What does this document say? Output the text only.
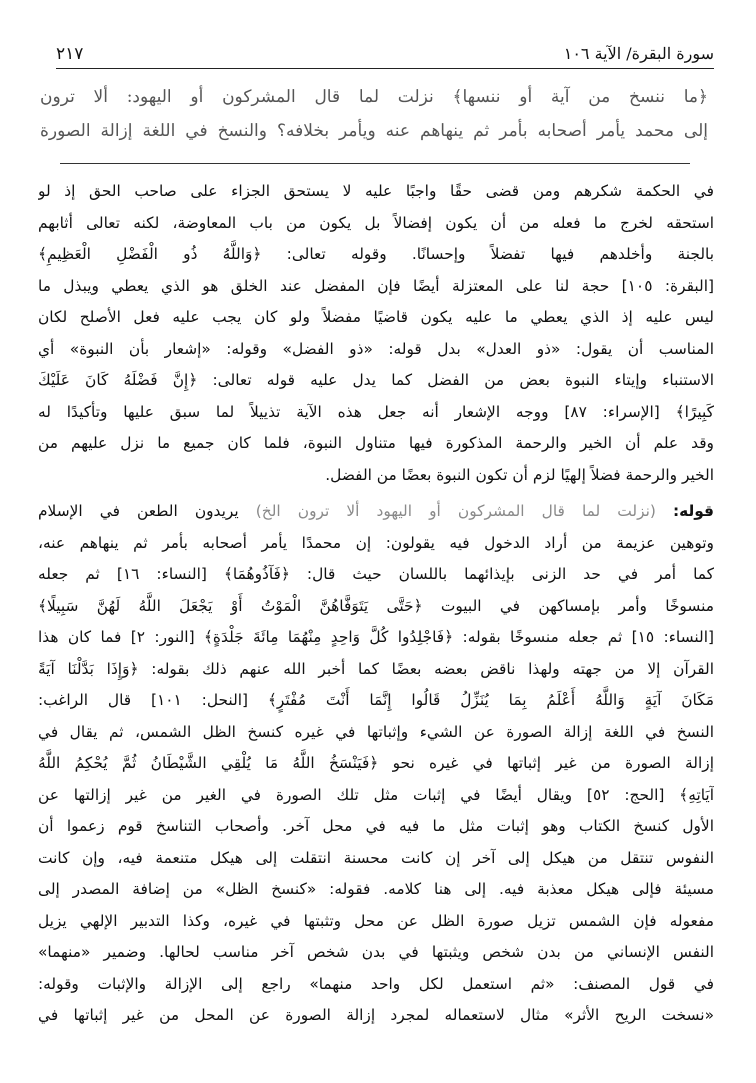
٢١٧	سورة البقرة/ الآية ١٠٦

﴿ما ننسخ من آية أو ننسها﴾ نزلت لما قال المشركون أو اليهود: ألا ترون

إلى محمد يأمر أصحابه بأمر ثم ينهاهم عنه ويأمر بخلافه؟ والنسخ في اللغة إزالة الصورة

في الحكمة شكرهم ومن قضى حقًا واجبًا عليه لا يستحق الجزاء على صاحب الحق إذ لو
استحقه لخرج ما فعله من أن يكون إفضالاً بل يكون من باب المعاوضة، لكنه تعالى أثابهم
بالجنة وأخلدهم فيها تفضلاً وإحسانًا. وقوله تعالى: ﴿وَاللَّهُ ذُو الْفَضْلِ الْعَظِيمِ﴾
[البقرة: ١٠٥] حجة لنا على المعتزلة أيضًا فإن المفضل عند الخلق هو الذي يعطي ويبذل ما
ليس عليه إذ الذي يعطي ما عليه يكون قاضيًا مفضلاً ولو كان يجب عليه فعل الأصلح لكان
المناسب أن يقول: «ذو العدل» بدل قوله: «ذو الفضل» وقوله: «إشعار بأن النبوة» أي
الاستنباء وإيتاء النبوة بعض من الفضل كما يدل عليه قوله تعالى: ﴿إِنَّ فَضْلَهُ كَانَ عَلَيْكَ
كَبِيرًا﴾ [الإسراء: ٨٧] ووجه الإشعار أنه جعل هذه الآية تذييلاً لما سبق عليها وتأكيدًا له
وقد علم أن الخير والرحمة المذكورة فيها متناول النبوة، فلما كان جميع ما نزل عليهم من
الخير والرحمة فضلاً إلهيًا لزم أن تكون النبوة بعضًا من الفضل.
قوله: (نزلت لما قال المشركون أو اليهود ألا ترون الخ) يريدون الطعن في الإسلام
وتوهين عزيمة من أراد الدخول فيه يقولون: إن محمدًا يأمر أصحابه بأمر ثم ينهاهم عنه،
كما أمر في حد الزنى بإيذائهما باللسان حيث قال: ﴿فَآذُوهُمَا﴾ [النساء: ١٦] ثم جعله
منسوخًا وأمر بإمساكهن في البيوت ﴿حَتَّى يَتَوَفَّاهُنَّ الْمَوْتُ أَوْ يَجْعَلَ اللَّهُ لَهُنَّ سَبِيلًا﴾
[النساء: ١٥] ثم جعله منسوخًا بقوله: ﴿فَاجْلِدُوا كُلَّ وَاحِدٍ مِنْهُمَا مِائَةَ جَلْدَةٍ﴾ [النور: ٢] فما كان هذا
القرآن إلا من جهته ولهذا ناقض بعضه بعضًا كما أخبر الله عنهم ذلك بقوله: ﴿وَإِذَا بَدَّلْنَا آيَةً
مَكَانَ آيَةٍ وَاللَّهُ أَعْلَمُ بِمَا يُنَزِّلُ قَالُوا إِنَّمَا أَنْتَ مُفْتَرٍ﴾ [النحل: ١٠١] قال الراغب:
النسخ في اللغة إزالة الصورة عن الشيء وإثباتها في غيره كنسخ الظل الشمس، ثم يقال في
إزالة الصورة من غير إثباتها في غيره نحو ﴿فَيَنْسَخُ اللَّهُ مَا يُلْقِي الشَّيْطَانُ ثُمَّ يُحْكِمُ اللَّهُ
آيَاتِهِ﴾ [الحج: ٥٢] ويقال أيضًا في إثبات مثل تلك الصورة في الغير من غير إزالتها عن
الأول كنسخ الكتاب وهو إثبات مثل ما فيه في محل آخر. وأصحاب التناسخ قوم زعموا أن
النفوس تنتقل من هيكل إلى آخر إن كانت محسنة انتقلت إلى هيكل متنعمة فيه، وإن كانت
مسيئة فإلى هيكل معذبة فيه. إلى هنا كلامه. فقوله: «كنسخ الظل» من إضافة المصدر إلى
مفعوله فإن الشمس تزيل صورة الظل عن محل وتثبتها في غيره، وكذا التدبير الإلهي يزيل
النفس الإنساني من بدن شخص ويثبتها في بدن شخص آخر مناسب لحالها. وضمير «منهما»
في قول المصنف: «ثم استعمل لكل واحد منهما» راجع إلى الإزالة والإثبات وقوله:
«نسخت الريح الأثر» مثال لاستعماله لمجرد إزالة الصورة عن المحل من غير إثباتها في
